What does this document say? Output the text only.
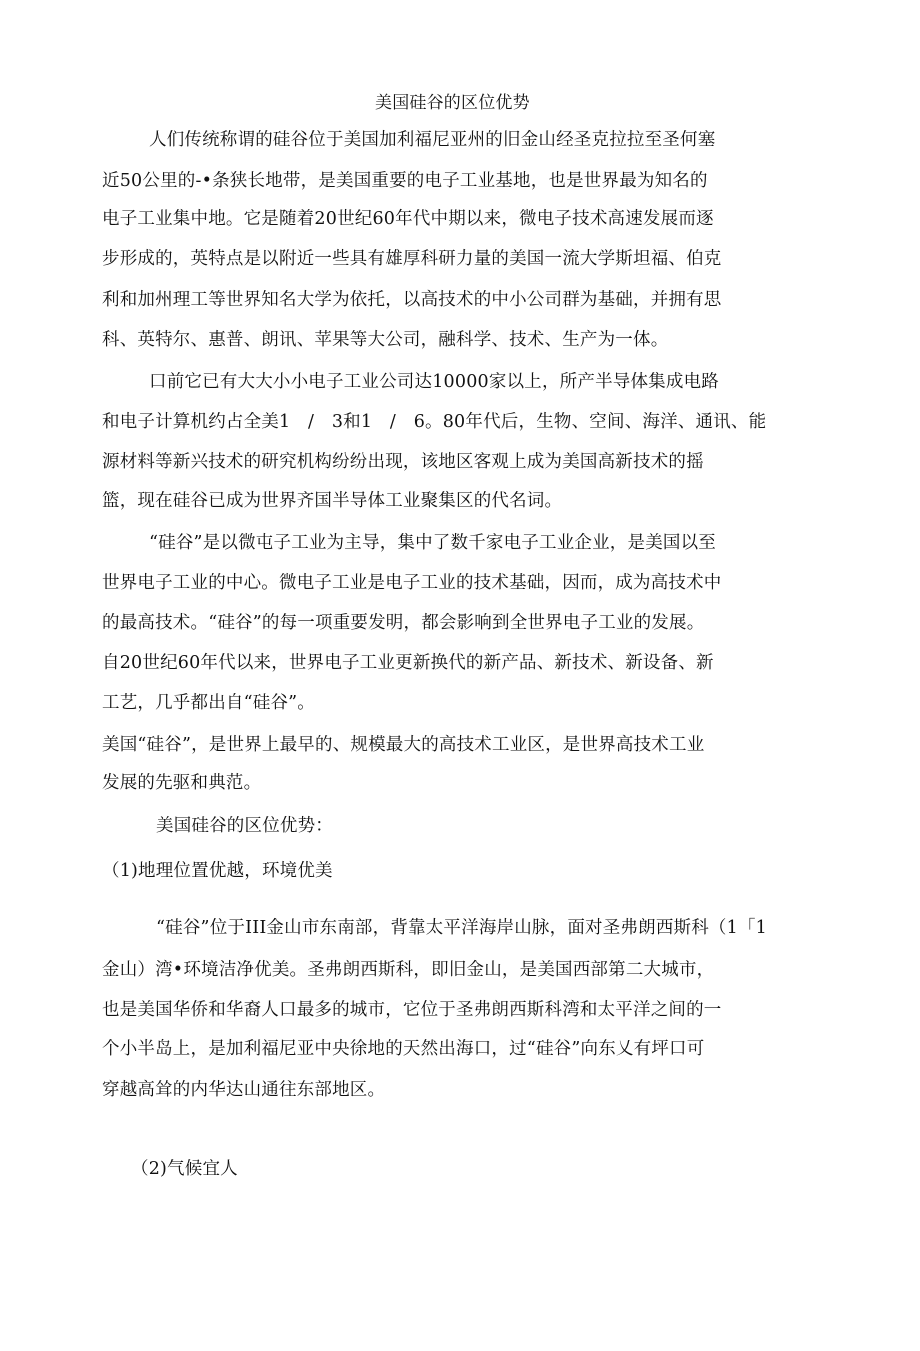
美国硅谷的区位优势
人们传统称谓的硅谷位于美国加利福尼亚州的旧金山经圣克拉拉至圣何塞
近50公里的-•条狭长地带，是美国重要的电子工业基地，也是世界最为知名的
电子工业集中地。它是随着20世纪60年代中期以来，微电子技术高速发展而逐
步形成的，英特点是以附近一些具有雄厚科研力量的美国一流大学斯坦福、伯克
利和加州理工等世界知名大学为依托，以高技术的中小公司群为基础，并拥有思
科、英特尔、惠普、朗讯、苹果等大公司，融科学、技术、生产为一体。
口前它已有大大小小电子工业公司达10000家以上，所产半导体集成电路
和电子计算机约占全美1　/　3和1　/　6。80年代后，生物、空间、海洋、通讯、能
源材料等新兴技术的研究机构纷纷出现，该地区客观上成为美国高新技术的摇
篮，现在硅谷已成为世界齐国半导体工业聚集区的代名词。
“硅谷”是以微屯子工业为主导，集中了数千家电子工业企业，是美国以至
世界电子工业的中心。微电子工业是电子工业的技术基础，因而，成为高技术中
的最高技术。“硅谷”的每一项重要发明，都会影响到全世界电子工业的发展。
自20世纪60年代以来，世界电子工业更新换代的新产品、新技术、新设备、新
工艺，几乎都出自“硅谷”。
美国“硅谷”，是世界上最早的、规模最大的高技术工业区，是世界高技术工业
发展的先驱和典范。
美国硅谷的区位优势：
（1)地理位置优越，环境优美
“硅谷”位于III金山市东南部，背靠太平洋海岸山脉，面对圣弗朗西斯科（1「1
金山）湾•环境洁净优美。圣弗朗西斯科，即旧金山，是美国西部第二大城市，
也是美国华侨和华裔人口最多的城市，它位于圣弗朗西斯科湾和太平洋之间的一
个小半岛上，是加利福尼亚中央徐地的天然出海口，过“硅谷”向东乂有坪口可
穿越高耸的内华达山通往东部地区。
（2)气候宜人
